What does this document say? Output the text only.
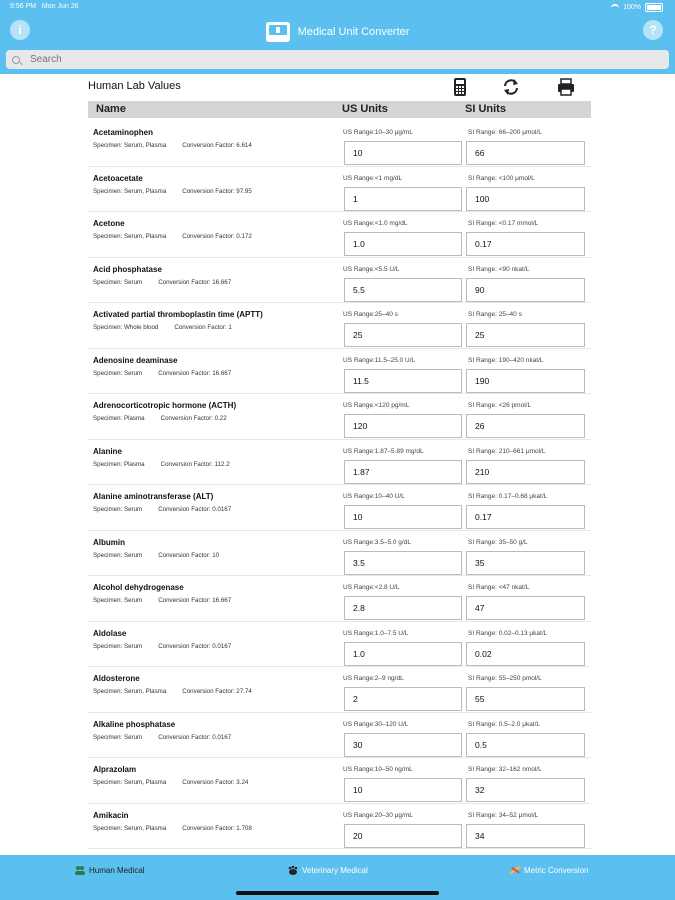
9:56 PM Mon Jun 26	100%
i	?
Medical Unit Converter
Search
Human Lab Values
Name	US Units	SI Units
Acetaminophen
Specimen: Serum, Plasma	Conversion Factor: 6.614
US Range:10–30 μg/mL	SI Range: 66–200 μmol/L
10	66
Acetoacetate
Specimen: Serum, Plasma	Conversion Factor: 97.95
US Range:<1 mg/dL	SI Range: <100 μmol/L
1	100
Acetone
Specimen: Serum, Plasma	Conversion Factor: 0.172
US Range:<1.0 mg/dL	SI Range: <0.17 mmol/L
1.0	0.17
Acid phosphatase
Specimen: Serum	Conversion Factor: 16.667
US Range:<5.5 U/L	SI Range: <90 nkat/L
5.5	90
Activated partial thromboplastin time (APTT)
Specimen: Whole blood	Conversion Factor: 1
US Range:25–40 s	SI Range: 25–40 s
25	25
Adenosine deaminase
Specimen: Serum	Conversion Factor: 16.667
US Range:11.5–25.0 U/L	SI Range: 190–420 nkat/L
11.5	190
Adrenocorticotropic hormone (ACTH)
Specimen: Plasma	Conversion Factor: 0.22
US Range:<120 pg/mL	SI Range: <26 pmol/L
120	26
Alanine
Specimen: Plasma	Conversion Factor: 112.2
US Range:1.87–5.89 mg/dL	SI Range: 210–661 μmol/L
1.87	210
Alanine aminotransferase (ALT)
Specimen: Serum	Conversion Factor: 0.0167
US Range:10–40 U/L	SI Range: 0.17–0.68 μkat/L
10	0.17
Albumin
Specimen: Serum	Conversion Factor: 10
US Range:3.5–5.0 g/dL	SI Range: 35–50 g/L
3.5	35
Alcohol dehydrogenase
Specimen: Serum	Conversion Factor: 16.667
US Range:<2.8 U/L	SI Range: <47 nkat/L
2.8	47
Aldolase
Specimen: Serum	Conversion Factor: 0.0167
US Range:1.0–7.5 U/L	SI Range: 0.02–0.13 μkat/L
1.0	0.02
Aldosterone
Specimen: Serum, Plasma	Conversion Factor: 27.74
US Range:2–9 ng/dL	SI Range: 55–250 pmol/L
2	55
Alkaline phosphatase
Specimen: Serum	Conversion Factor: 0.0167
US Range:30–120 U/L	SI Range: 0.5–2.0 μkat/L
30	0.5
Alprazolam
Specimen: Serum, Plasma	Conversion Factor: 3.24
US Range:10–50 ng/mL	SI Range: 32–162 nmol/L
10	32
Amikacin
Specimen: Serum, Plasma	Conversion Factor: 1.708
US Range:20–30 μg/mL	SI Range: 34–52 μmol/L
20	34
Human Medical	Veterinary Medical	Metric Conversion
